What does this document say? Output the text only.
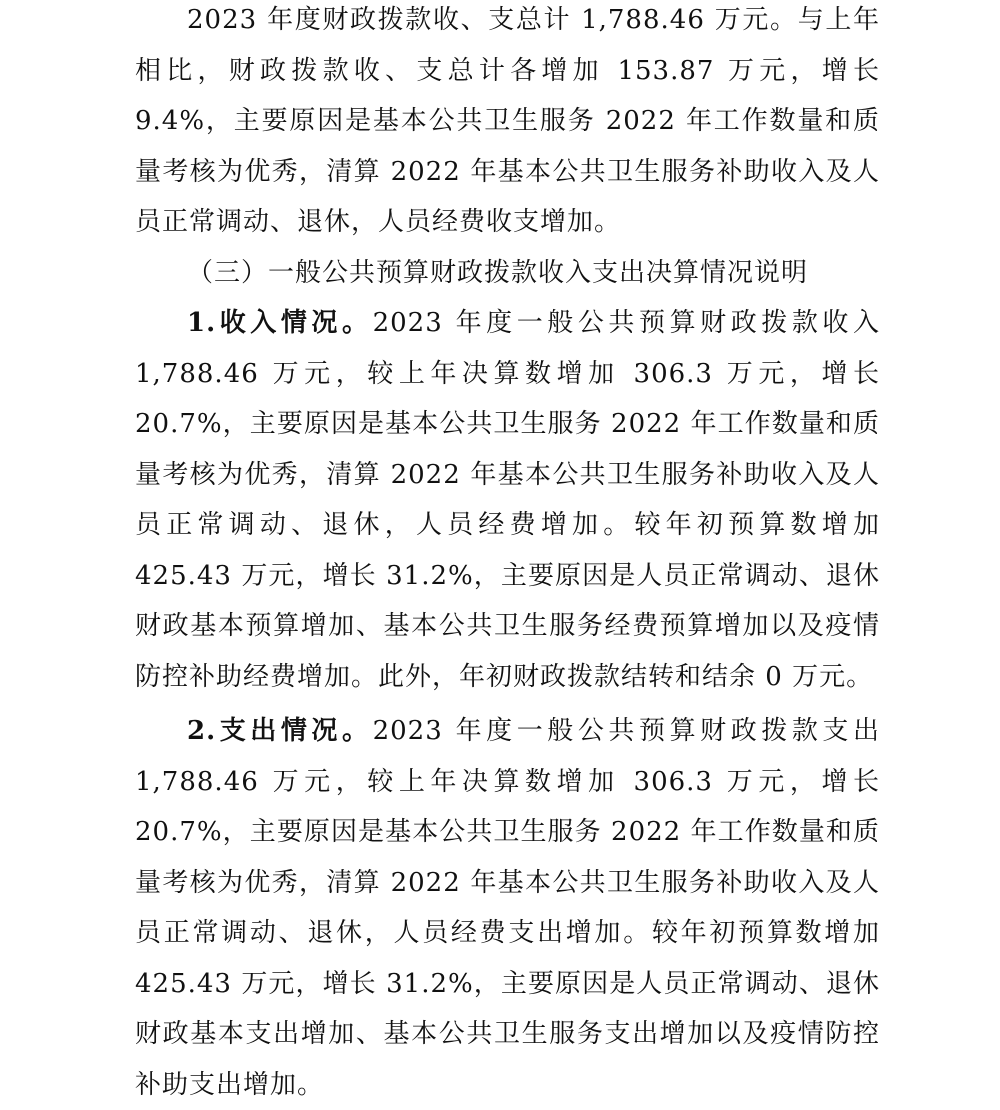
2023 年度财政拨款收、支总计 1,788.46 万元。与上年相比，财政拨款收、支总计各增加 153.87 万元，增长 9.4%，主要原因是基本公共卫生服务 2022 年工作数量和质量考核为优秀，清算 2022 年基本公共卫生服务补助收入及人员正常调动、退休，人员经费收支增加。

（三）一般公共预算财政拨款收入支出决算情况说明

1.收入情况。2023 年度一般公共预算财政拨款收入 1,788.46 万元，较上年决算数增加 306.3 万元，增长 20.7%，主要原因是基本公共卫生服务 2022 年工作数量和质量考核为优秀，清算 2022 年基本公共卫生服务补助收入及人员正常调动、退休，人员经费增加。较年初预算数增加 425.43 万元，增长 31.2%，主要原因是人员正常调动、退休财政基本预算增加、基本公共卫生服务经费预算增加以及疫情防控补助经费增加。此外，年初财政拨款结转和结余 0 万元。

2.支出情况。2023 年度一般公共预算财政拨款支出 1,788.46 万元，较上年决算数增加 306.3 万元，增长 20.7%，主要原因是基本公共卫生服务 2022 年工作数量和质量考核为优秀，清算 2022 年基本公共卫生服务补助收入及人员正常调动、退休，人员经费支出增加。较年初预算数增加 425.43 万元，增长 31.2%，主要原因是人员正常调动、退休财政基本支出增加、基本公共卫生服务支出增加以及疫情防控补助支出增加。
